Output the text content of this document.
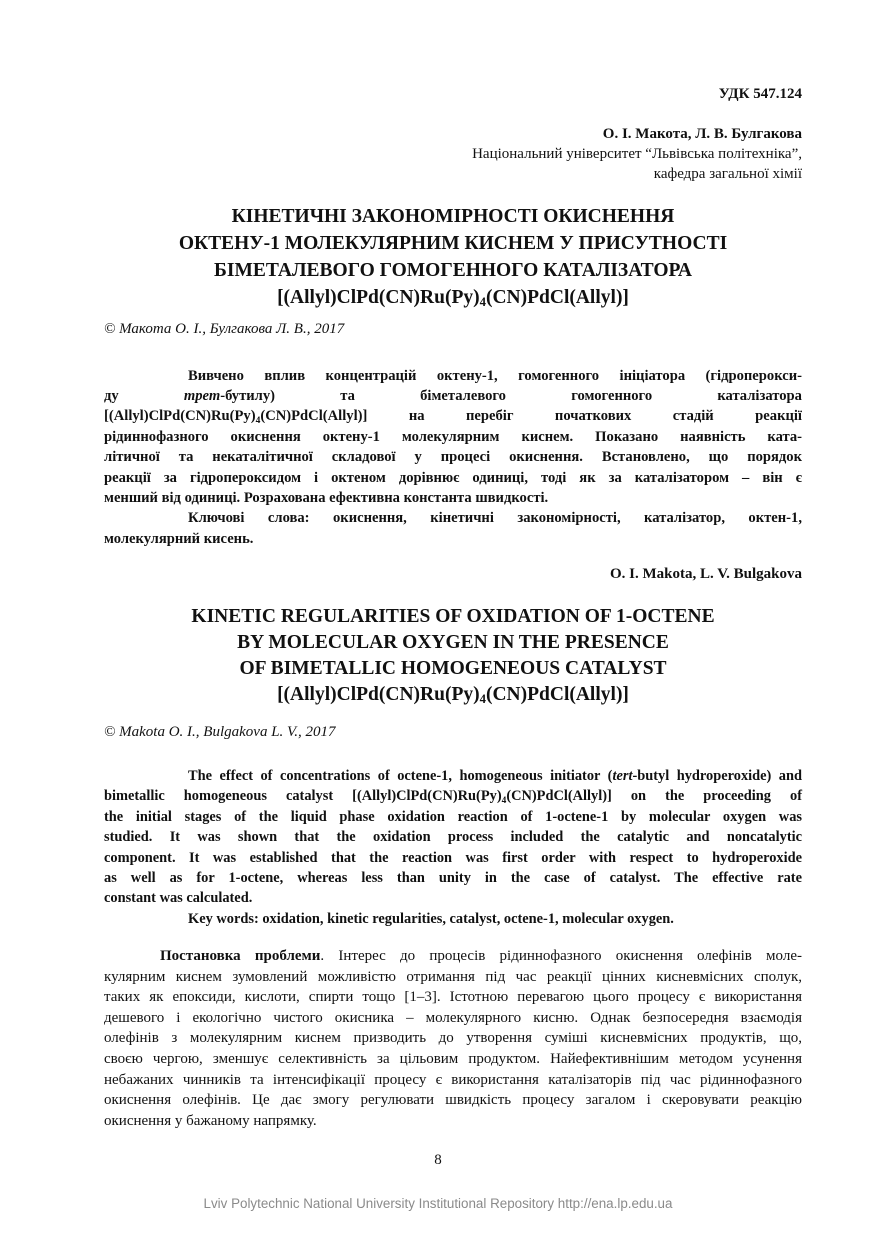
УДК 547.124
О. І. Макота, Л. В. Булгакова
Національний університет “Львівська політехніка”,
кафедра загальної хімії
КІНЕТИЧНІ ЗАКОНОМІРНОСТІ ОКИСНЕННЯ
ОКТЕНУ-1 МОЛЕКУЛЯРНИМ КИСНЕМ У ПРИСУТНОСТІ
БІМЕТАЛЕВОГО ГОМОГЕННОГО КАТАЛІЗАТОРА
$[(Allyl)ClPd(CN)Ru(Py)_4(CN)PdCl(Allyl)]$
© Макота О. І., Булгакова Л. В., 2017
Вивчено вплив концентрацій октену-1, гомогенного ініціатора (гідроперокси-
ду	трет-бутилу)	та	біметалевого	гомогенного	каталізатора
$[(Allyl)ClPd(CN)Ru(Py)_4(CN)PdCl(Allyl)]$	на	перебіг	початкових	стадій	реакції
рідиннофазного окиснення октену-1 молекулярним киснем. Показано наявність ката-
літичної та некаталітичної складової у процесі окиснення. Встановлено, що порядок
реакції за гідропероксидом і октеном дорівнює одиниці, тоді як за каталізатором – він є
менший від одиниці. Розрахована ефективна константа швидкості.
Ключові слова: окиснення, кінетичні закономірності, каталізатор, октен-1,
молекулярний кисень.
O. I. Makota, L. V. Bulgakova
KINETIC REGULARITIES OF OXIDATION OF 1-OCTENE
BY MOLECULAR OXYGEN IN THE PRESENCE
OF BIMETALLIC HOMOGENEOUS CATALYST
$[(Allyl)ClPd(CN)Ru(Py)_4(CN)PdCl(Allyl)]$
© Makota O. I., Bulgakova L. V., 2017
The effect of concentrations of octene-1, homogeneous initiator (tert-butyl hydroperoxide) and
bimetallic homogeneous catalyst $[(Allyl)ClPd(CN)Ru(Py)_4(CN)PdCl(Allyl)]$ on the proceeding of
the initial stages of the liquid phase oxidation reaction of 1-octene-1 by molecular oxygen was
studied. It was shown that the oxidation process included the catalytic and noncatalytic
component. It was established that the reaction was first order with respect to hydroperoxide
as well as for 1-octene, whereas less than unity in the case of catalyst. The effective rate
constant was calculated.
Key words: oxidation, kinetic regularities, catalyst, octene-1, molecular oxygen.
Постановка проблеми. Інтерес до процесів рідиннофазного окиснення олефінів моле-
кулярним киснем зумовлений можливістю отримання під час реакції цінних кисневмісних сполук,
таких як епоксиди, кислоти, спирти тощо [1–3]. Істотною перевагою цього процесу є використання
дешевого і екологічно чистого окисника – молекулярного кисню. Однак безпосередня взаємодія
олефінів з молекулярним киснем призводить до утворення суміші кисневмісних продуктів, що,
своєю чергою, зменшує селективність за цільовим продуктом. Найефективнішим методом усунення
небажаних чинників та інтенсифікації процесу є використання каталізаторів під час рідиннофазного
окиснення олефінів. Це дає змогу регулювати швидкість процесу загалом і скеровувати реакцію
окиснення у бажаному напрямку.
8
Lviv Polytechnic National University Institutional Repository http://ena.lp.edu.ua
